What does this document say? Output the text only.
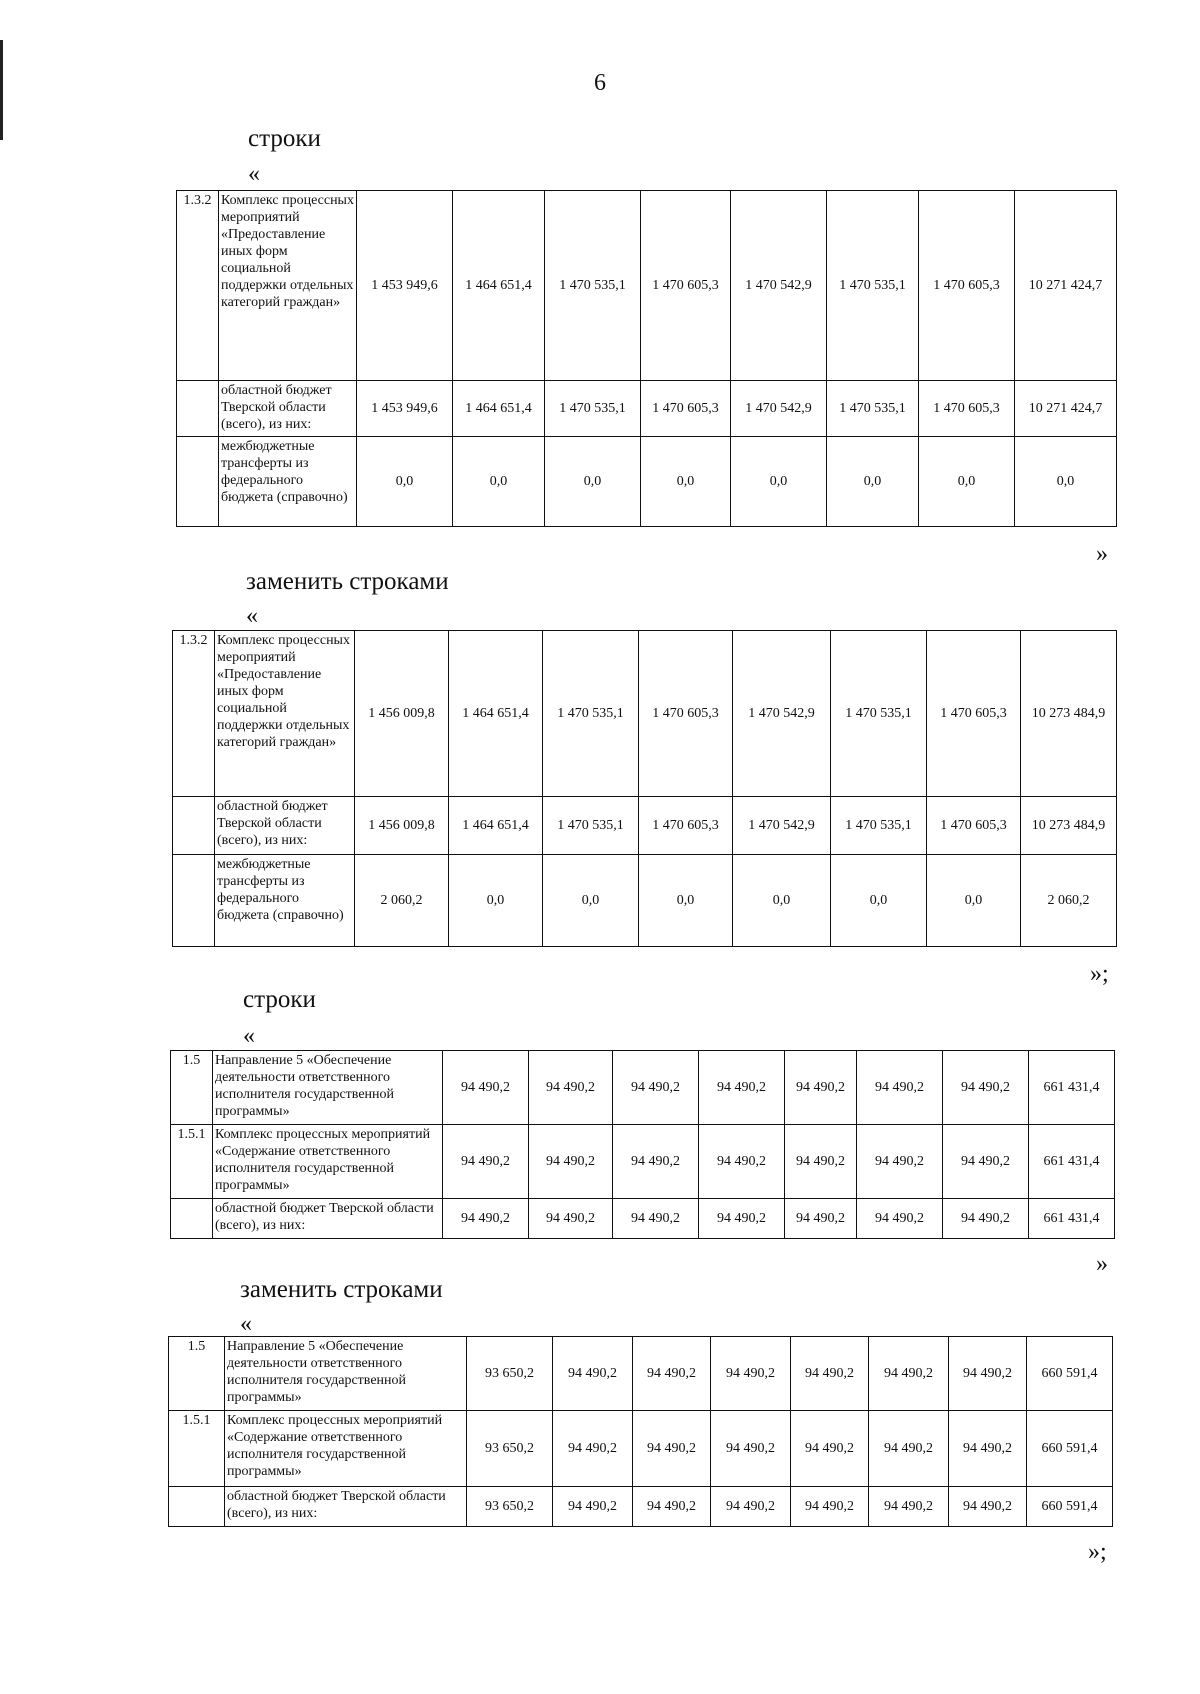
6
строки
«
1.3.2	Комплекс процессных мероприятий «Предоставление иных форм социальной поддержки отдельных категорий граждан»	1 453 949,6	1 464 651,4	1 470 535,1	1 470 605,3	1 470 542,9	1 470 535,1	1 470 605,3	10 271 424,7
	областной бюджет Тверской области (всего), из них:	1 453 949,6	1 464 651,4	1 470 535,1	1 470 605,3	1 470 542,9	1 470 535,1	1 470 605,3	10 271 424,7
	межбюджетные трансферты из федерального бюджета (справочно)	0,0	0,0	0,0	0,0	0,0	0,0	0,0	0,0
»
заменить строками
«
1.3.2	Комплекс процессных мероприятий «Предоставление иных форм социальной поддержки отдельных категорий граждан»	1 456 009,8	1 464 651,4	1 470 535,1	1 470 605,3	1 470 542,9	1 470 535,1	1 470 605,3	10 273 484,9
	областной бюджет Тверской области (всего), из них:	1 456 009,8	1 464 651,4	1 470 535,1	1 470 605,3	1 470 542,9	1 470 535,1	1 470 605,3	10 273 484,9
	межбюджетные трансферты из федерального бюджета (справочно)	2 060,2	0,0	0,0	0,0	0,0	0,0	0,0	2 060,2
»;
строки
«
1.5	Направление 5 «Обеспечение деятельности ответственного исполнителя государственной программы»	94 490,2	94 490,2	94 490,2	94 490,2	94 490,2	94 490,2	94 490,2	661 431,4
1.5.1	Комплекс процессных мероприятий «Содержание ответственного исполнителя государственной программы»	94 490,2	94 490,2	94 490,2	94 490,2	94 490,2	94 490,2	94 490,2	661 431,4
	областной бюджет Тверской области (всего), из них:	94 490,2	94 490,2	94 490,2	94 490,2	94 490,2	94 490,2	94 490,2	661 431,4
»
заменить строками
«
1.5	Направление 5 «Обеспечение деятельности ответственного исполнителя государственной программы»	93 650,2	94 490,2	94 490,2	94 490,2	94 490,2	94 490,2	94 490,2	660 591,4
1.5.1	Комплекс процессных мероприятий «Содержание ответственного исполнителя государственной программы»	93 650,2	94 490,2	94 490,2	94 490,2	94 490,2	94 490,2	94 490,2	660 591,4
	областной бюджет Тверской области (всего), из них:	93 650,2	94 490,2	94 490,2	94 490,2	94 490,2	94 490,2	94 490,2	660 591,4
»;
